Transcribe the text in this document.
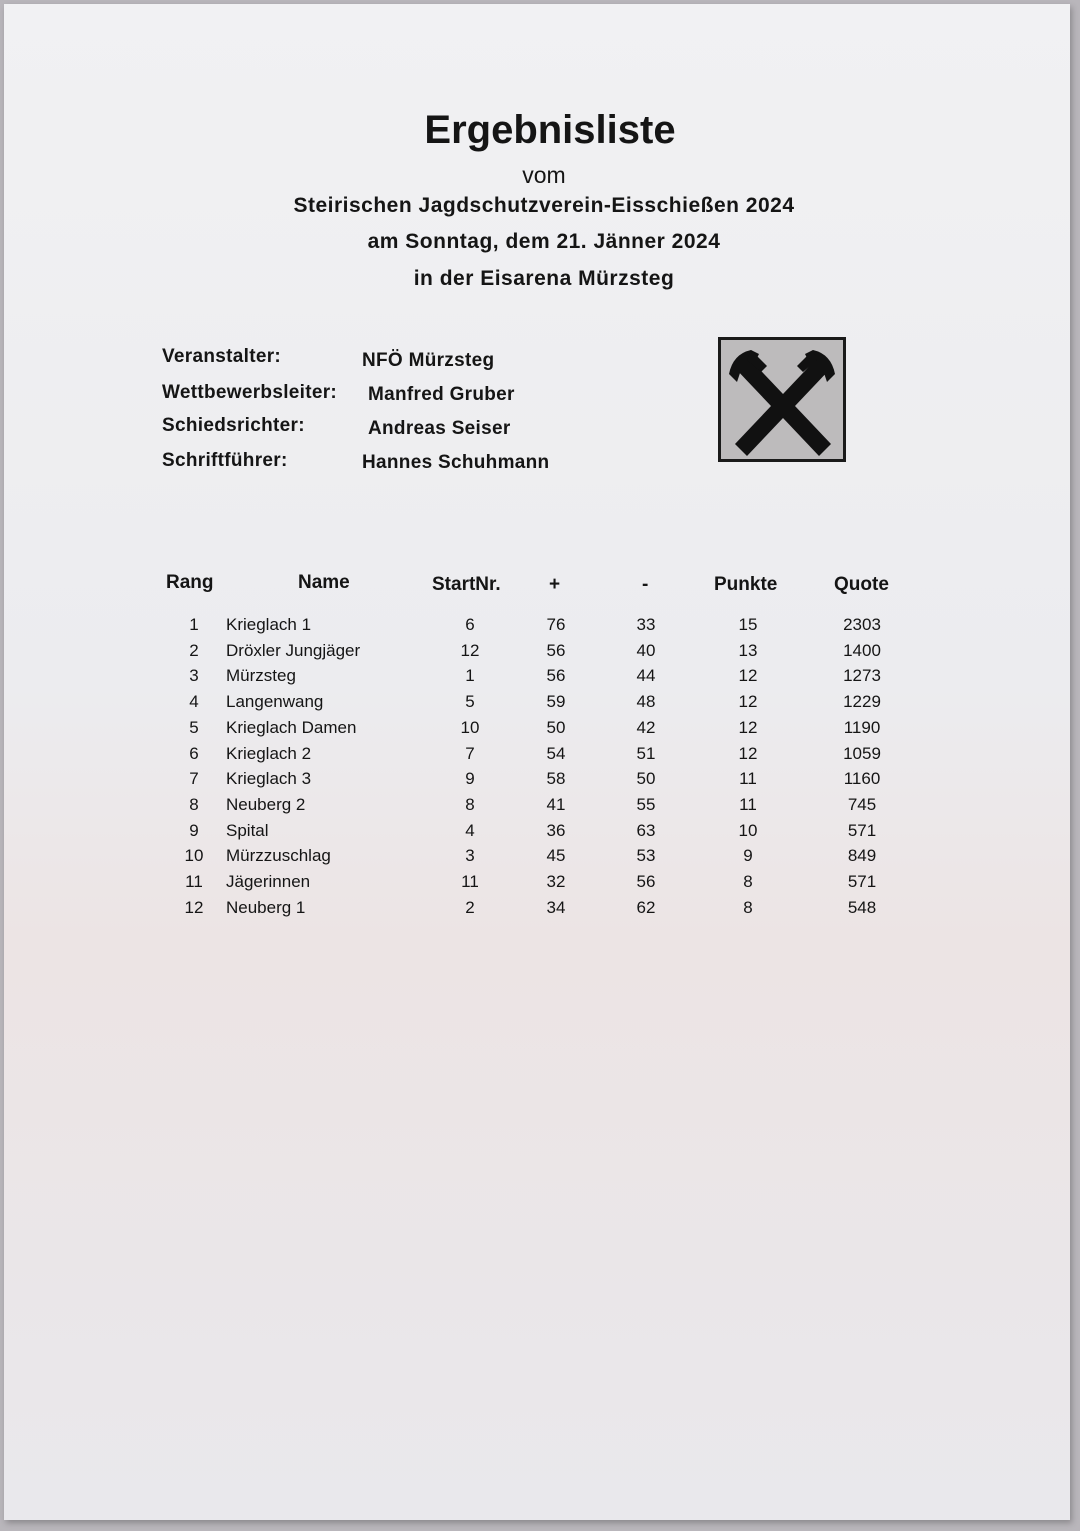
Ergebnisliste
vom
Steirischen Jagdschutzverein-Eisschießen 2024
am Sonntag, dem 21. Jänner 2024
in der Eisarena Mürzsteg
Veranstalter:	NFÖ Mürzsteg
Wettbewerbsleiter: Manfred Gruber
Schiedsrichter:	Andreas Seiser
Schriftführer:	Hannes Schuhmann
Rang	Name	StartNr.	+	-	Punkte	Quote
1	Krieglach 1	6	76	33	15	2303
2	Dröxler Jungjäger	12	56	40	13	1400
3	Mürzsteg	1	56	44	12	1273
4	Langenwang	5	59	48	12	1229
5	Krieglach Damen	10	50	42	12	1190
6	Krieglach 2	7	54	51	12	1059
7	Krieglach 3	9	58	50	11	1160
8	Neuberg 2	8	41	55	11	745
9	Spital	4	36	63	10	571
10	Mürzzuschlag	3	45	53	9	849
11	Jägerinnen	11	32	56	8	571
12	Neuberg 1	2	34	62	8	548
